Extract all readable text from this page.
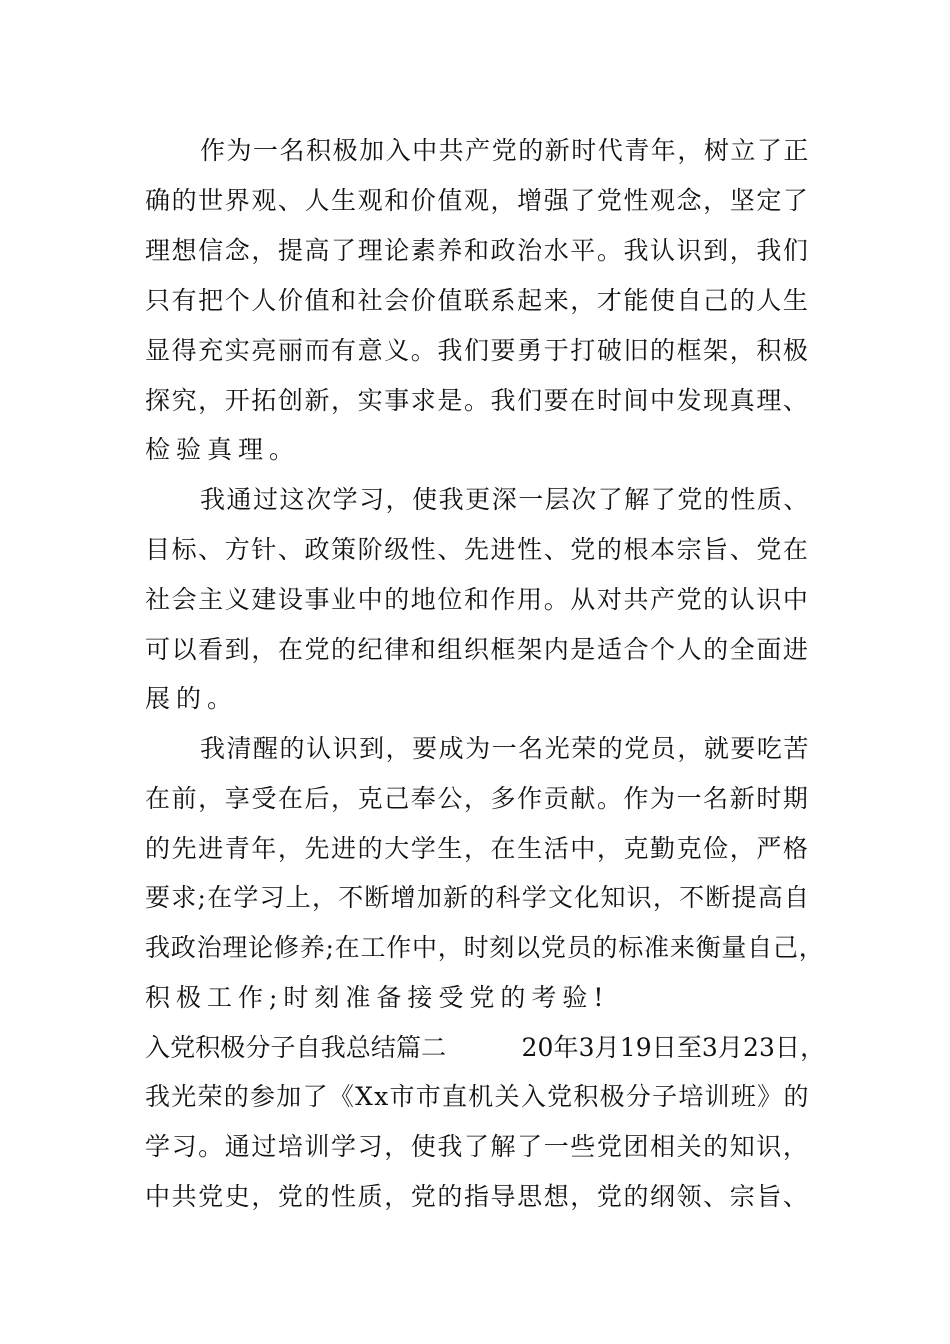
作为一名积极加入中共产党的新时代青年，树立了正
确的世界观、人生观和价值观，增强了党性观念，坚定了
理想信念，提高了理论素养和政治水平。我认识到，我们
只有把个人价值和社会价值联系起来，才能使自己的人生
显得充实亮丽而有意义。我们要勇于打破旧的框架，积极
探究，开拓创新，实事求是。我们要在时间中发现真理、
检验真理。
我通过这次学习，使我更深一层次了解了党的性质、
目标、方针、政策阶级性、先进性、党的根本宗旨、党在
社会主义建设事业中的地位和作用。从对共产党的认识中
可以看到，在党的纪律和组织框架内是适合个人的全面进
展的。
我清醒的认识到，要成为一名光荣的党员，就要吃苦
在前，享受在后，克己奉公，多作贡献。作为一名新时期
的先进青年，先进的大学生，在生活中，克勤克俭，严格
要求;在学习上，不断增加新的科学文化知识，不断提高自
我政治理论修养;在工作中，时刻以党员的标准来衡量自己，
积极工作;时刻准备接受党的考验!
入党积极分子自我总结篇二　　　20年3月19日至3月23日，
我光荣的参加了《Xx市市直机关入党积极分子培训班》的
学习。通过培训学习，使我了解了一些党团相关的知识，
中共党史，党的性质，党的指导思想，党的纲领、宗旨、
